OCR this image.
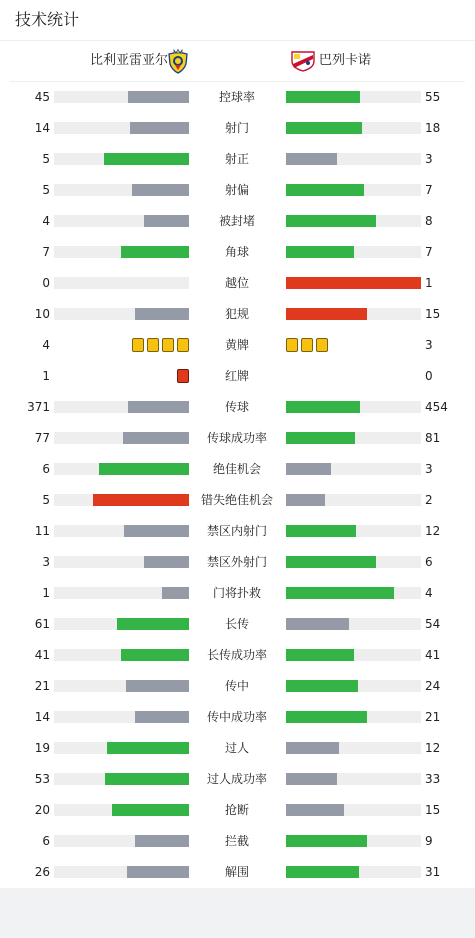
技术统计
比利亚雷亚尔	巴列卡诺
45	控球率	55
14	射门	18
5	射正	3
5	射偏	7
4	被封堵	8
7	角球	7
0	越位	1
10	犯规	15
4	黄牌	3
1	红牌	0
371	传球	454
77	传球成功率	81
6	绝佳机会	3
5	错失绝佳机会	2
11	禁区内射门	12
3	禁区外射门	6
1	门将扑救	4
61	长传	54
41	长传成功率	41
21	传中	24
14	传中成功率	21
19	过人	12
53	过人成功率	33
20	抢断	15
6	拦截	9
26	解围	31
